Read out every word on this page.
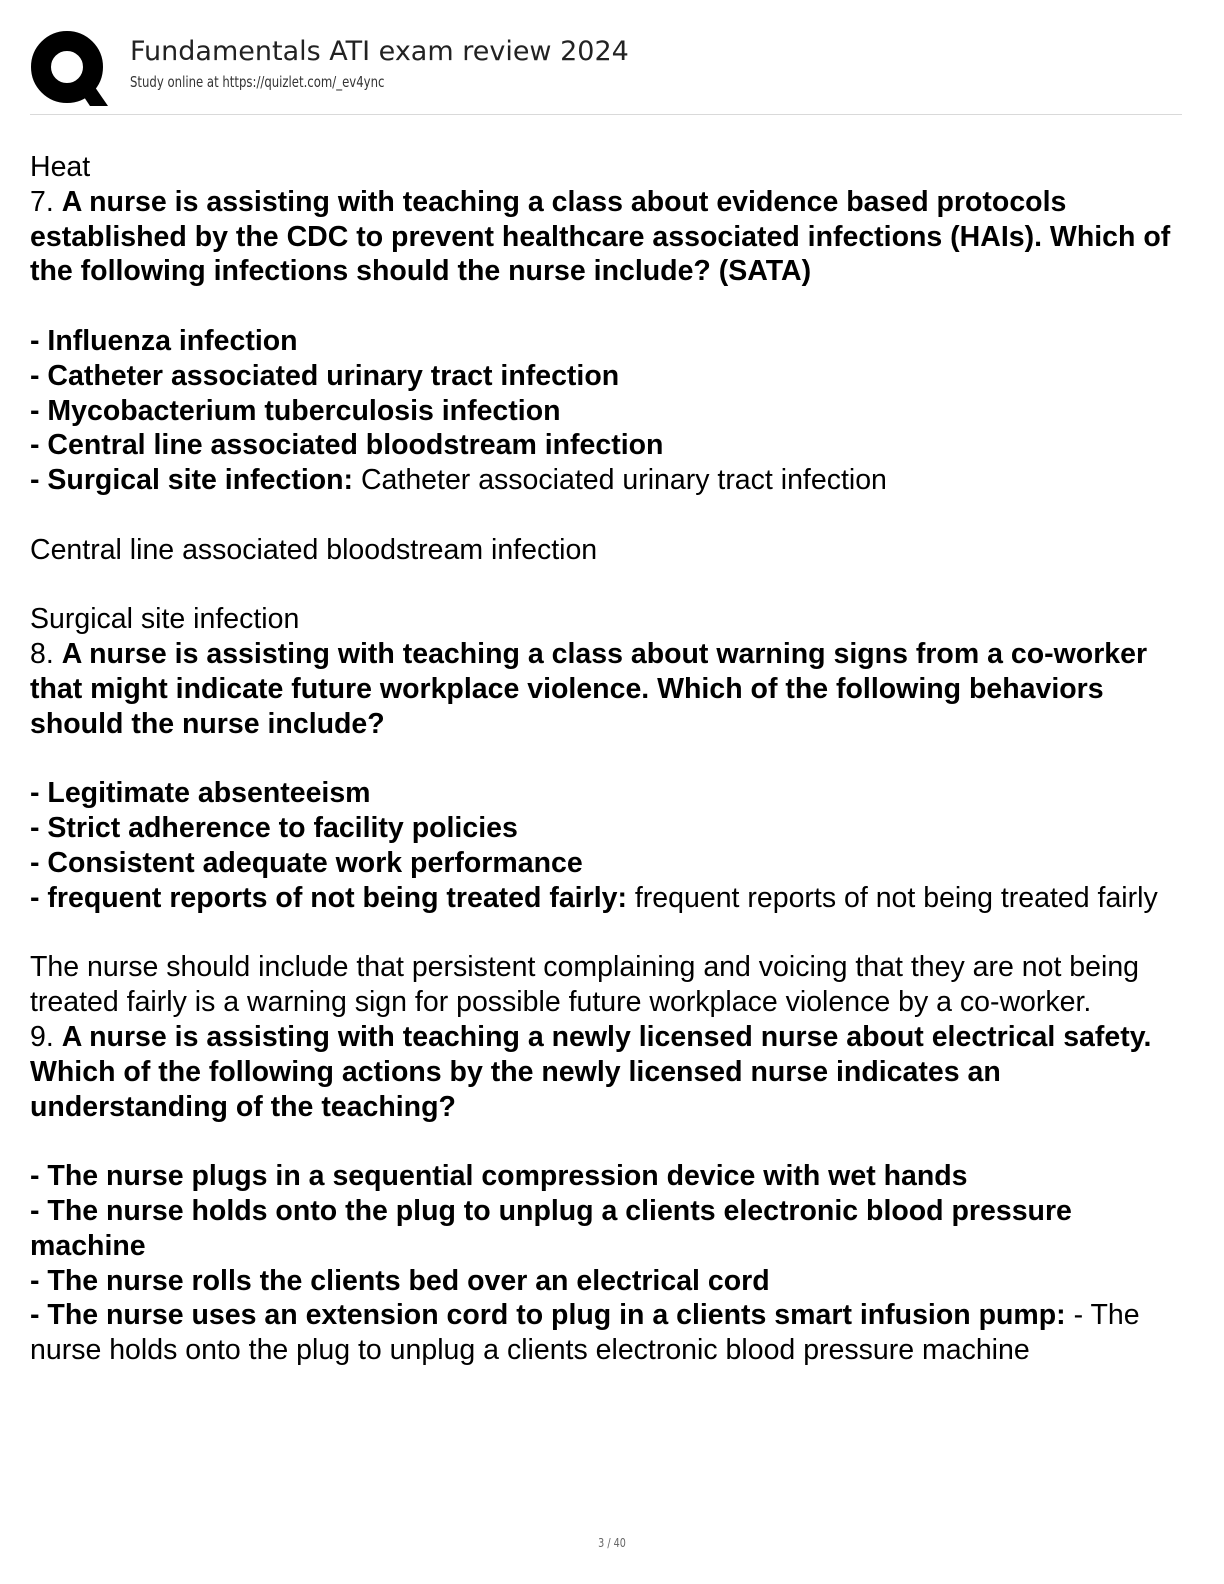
Fundamentals ATI exam review 2024
Study online at https://quizlet.com/_ev4ync

Heat

7. A nurse is assisting with teaching a class about evidence based protocols established by the CDC to prevent healthcare associated infections (HAIs). Which of the following infections should the nurse include? (SATA)

- Influenza infection

- Catheter associated urinary tract infection

- Mycobacterium tuberculosis infection

- Central line associated bloodstream infection

- Surgical site infection: Catheter associated urinary tract infection

Central line associated bloodstream infection

Surgical site infection

8. A nurse is assisting with teaching a class about warning signs from a co-worker that might indicate future workplace violence. Which of the following behaviors should the nurse include?

- Legitimate absenteeism

- Strict adherence to facility policies

- Consistent adequate work performance

- frequent reports of not being treated fairly: frequent reports of not being treated fairly

The nurse should include that persistent complaining and voicing that they are not being treated fairly is a warning sign for possible future workplace violence by a co-worker.

9. A nurse is assisting with teaching a newly licensed nurse about electrical safety. Which of the following actions by the newly licensed nurse indicates an understanding of the teaching?

- The nurse plugs in a sequential compression device with wet hands

- The nurse holds onto the plug to unplug a clients electronic blood pressure machine

- The nurse rolls the clients bed over an electrical cord

- The nurse uses an extension cord to plug in a clients smart infusion pump: - The nurse holds onto the plug to unplug a clients electronic blood pressure machine

3 / 40
